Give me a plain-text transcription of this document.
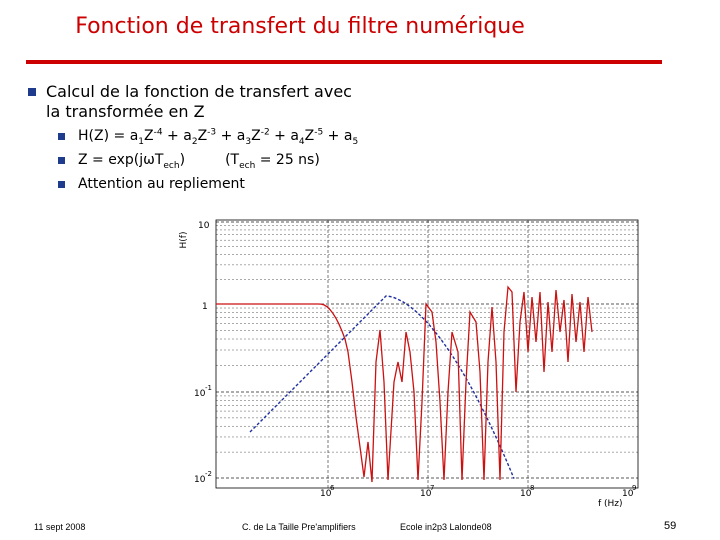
Fonction de transfert du filtre numérique
Calcul de la fonction de transfert avec
la transformée en Z
$H(Z) = a_1Z^{-4} + a_2Z^{-3} + a_3Z^{-2} + a_4Z^{-5} + a_5$
Z = exp(jωT$_{ech}$)	($T_{ech} = 25$ ns)
Attention au repliement
H(f)
10
1
10
-1
10
-2
10
6
10
7
10
8
10
9
f (Hz)
11 sept 2008	C. de La Taille Pre'amplifiers	Ecole in2p3 Lalonde08	59
